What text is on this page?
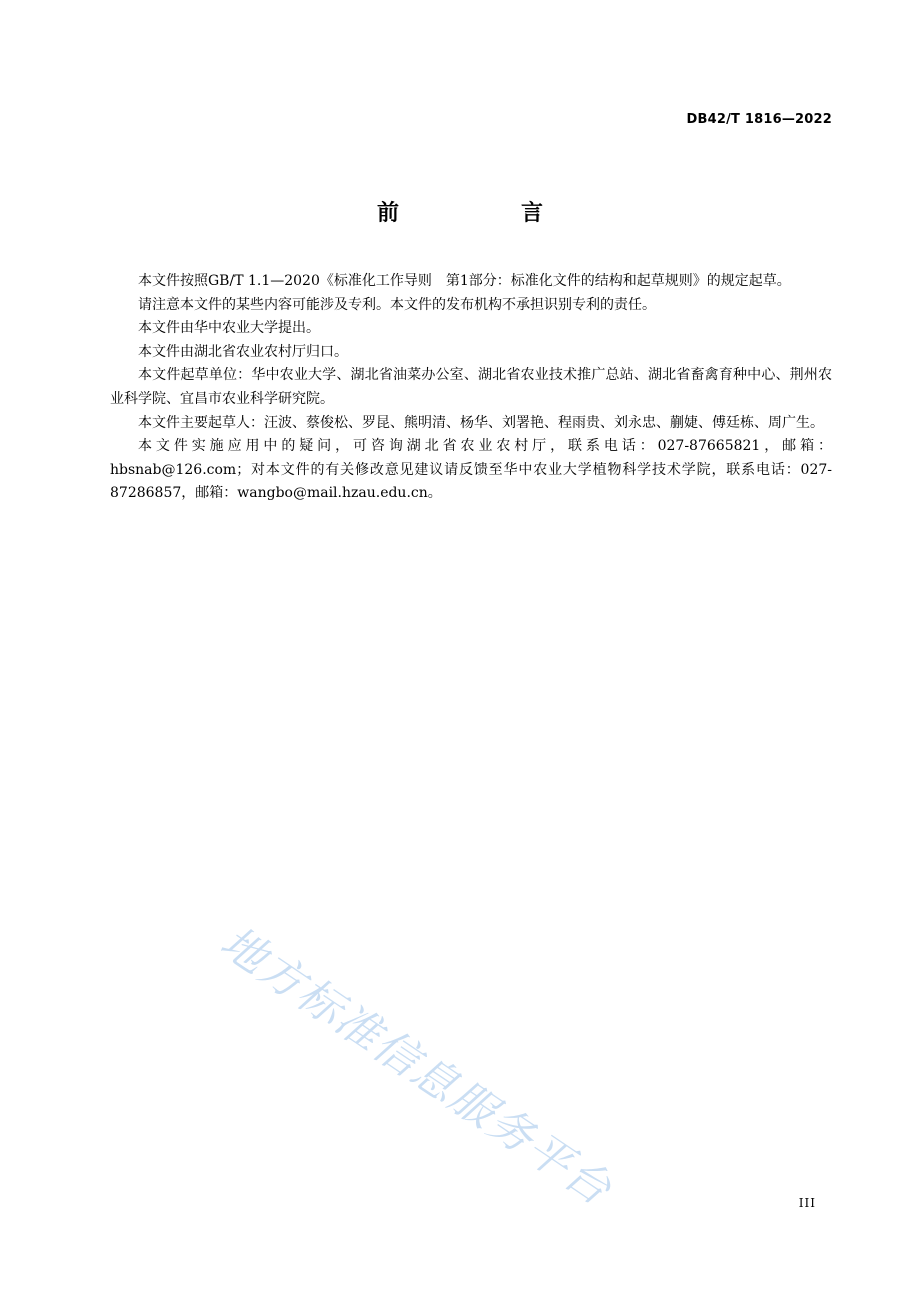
DB42/T 1816—2022
前　言

本文件按照GB/T 1.1—2020《标准化工作导则　第1部分：标准化文件的结构和起草规则》的规定起草。

请注意本文件的某些内容可能涉及专利。本文件的发布机构不承担识别专利的责任。

本文件由华中农业大学提出。

本文件由湖北省农业农村厅归口。

本文件起草单位：华中农业大学、湖北省油菜办公室、湖北省农业技术推广总站、湖北省畜禽育种中心、荆州农业科学院、宜昌市农业科学研究院。

本文件主要起草人：汪波、蔡俊松、罗昆、熊明清、杨华、刘署艳、程雨贵、刘永忠、蒯婕、傅廷栋、周广生。

本文件实施应用中的疑问，可咨询湖北省农业农村厅，联系电话：027-87665821，邮箱：hbsnab@126.com；对本文件的有关修改意见建议请反馈至华中农业大学植物科学技术学院，联系电话：027-87286857，邮箱：wangbo@mail.hzau.edu.cn。

地方标准信息服务平台	III
